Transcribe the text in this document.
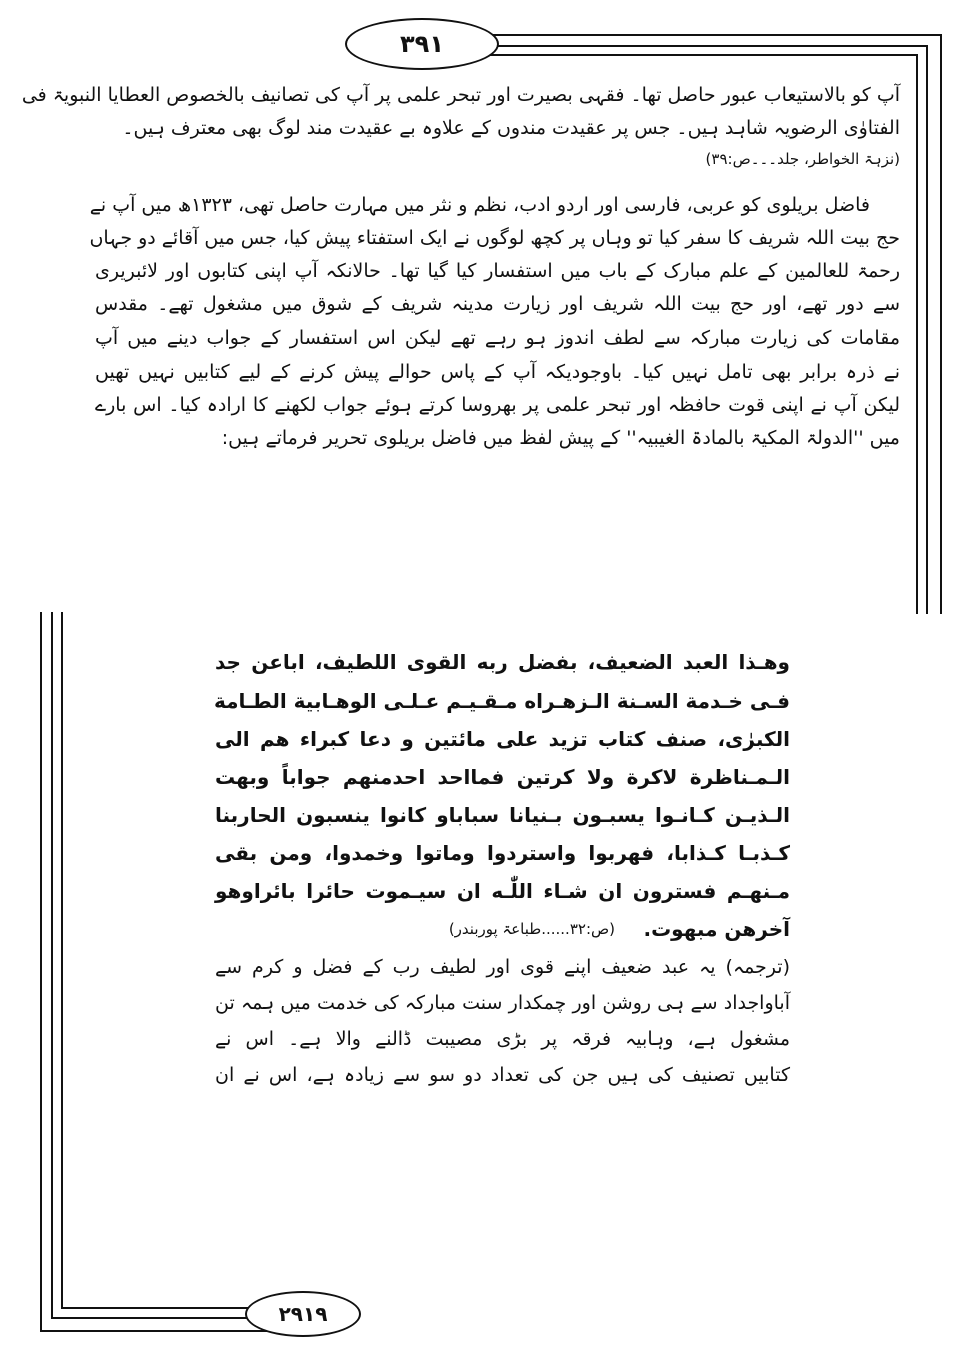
٣٩١
٢٩١٩
آپ کو بالاستیعاب عبور حاصل تھا۔ فقہی بصیرت اور تبحر علمی پر آپ کی تصانیف بالخصوص العطایا النبویۃ فی
الفتاوٰی الرضویہ شاہد ہیں۔ جس پر عقیدت مندوں کے علاوہ بے عقیدت مند لوگ بھی معترف ہیں۔
(نزہۃ الخواطر، جلد۔۔۔ص:٣٩)
فاضل بریلوی کو عربی، فارسی اور اردو ادب، نظم و نثر میں مہارت حاصل تھی، ١٣٢٣ھ میں آپ نے
حج بیت اللہ شریف کا سفر کیا تو وہاں پر کچھ لوگوں نے ایک استفتاء پیش کیا، جس میں آقائے دو جہاں
رحمۃ للعالمین کے علم مبارک کے باب میں استفسار کیا گیا تھا۔ حالانکہ آپ اپنی کتابوں اور لائبریری
سے دور تھے، اور حج بیت اللہ شریف اور زیارت مدینہ شریف کے شوق میں مشغول تھے۔ مقدس
مقامات کی زیارت مبارکہ سے لطف اندوز ہو رہے تھے لیکن اس استفسار کے جواب دینے میں آپ
نے ذرہ برابر بھی تامل نہیں کیا۔ باوجودیکہ آپ کے پاس حوالے پیش کرنے کے لیے کتابیں نہیں تھیں
لیکن آپ نے اپنی قوت حافظہ اور تبحر علمی پر بھروسا کرتے ہوئے جواب لکھنے کا ارادہ کیا۔ اس بارے
میں ''الدولۃ المکیۃ بالمادۃ الغیبیہ'' کے پیش لفظ میں فاضل بریلوی تحریر فرماتے ہیں:
وهـذا العبد الضعيف، بفضل ربه القوى اللطيف، اباعن جد
فـى خـدمة السـنة الـزهـراه مـقـيـم عـلـى الوهـابية الطـامة
الكبرٰى، صنف كتاب تزيد على مائتين و دعا كبراء هم الى
الـمـناظرة لاكرة ولا كرتين فمااحد احدمنهم جواباً وبهت
الـذيـن كـانـوا يسبـون بـنيانا سباباو كانوا ينسبون الحاربنا
كـذبـا كـذابا، فهربوا واستردوا وماتوا وخمدوا، ومن بقى
مـنهـم فسترون ان شـاء اللّٰـه ان سيـموت حائرا بائراوهو
آخرهن مبهوت.
(ص:٣٢......طباعۃ پوربندر)
(ترجمہ) یہ عبد ضعیف اپنے قوی اور لطیف رب کے فضل و کرم سے
آباواجداد سے ہی روشن اور چمکدار سنت مبارکہ کی خدمت میں ہمہ تن
مشغول ہے، وہابیہ فرقہ پر بڑی مصیبت ڈالنے والا ہے۔ اس نے
کتابیں تصنیف کی ہیں جن کی تعداد دو سو سے زیادہ ہے، اس نے ان
